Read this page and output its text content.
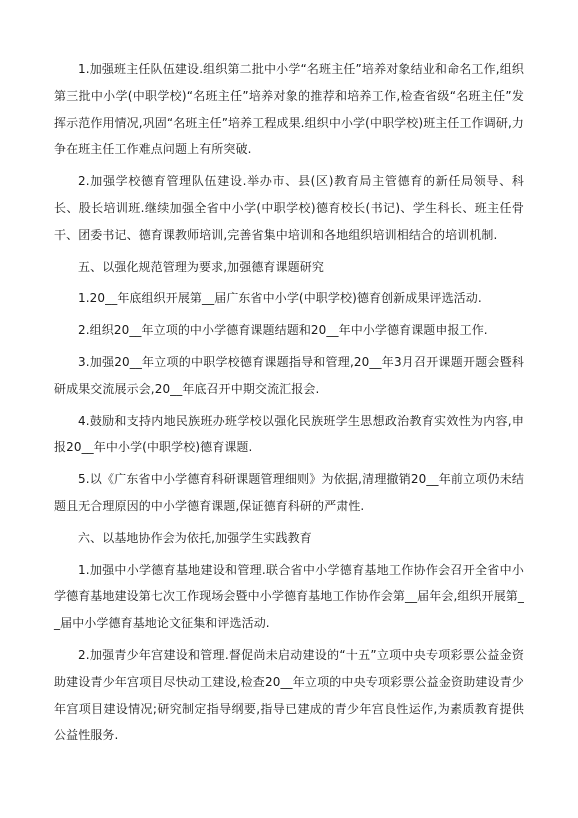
1.加强班主任队伍建设.组织第二批中小学“名班主任”培养对象结业和命名工作,组织第三批中小学(中职学校)“名班主任”培养对象的推荐和培养工作,检查省级“名班主任”发挥示范作用情况,巩固“名班主任”培养工程成果.组织中小学(中职学校)班主任工作调研,力争在班主任工作难点问题上有所突破.

2.加强学校德育管理队伍建设.举办市、县(区)教育局主管德育的新任局领导、科长、股长培训班.继续加强全省中小学(中职学校)德育校长(书记)、学生科长、班主任骨干、团委书记、德育课教师培训,完善省集中培训和各地组织培训相结合的培训机制.

五、以强化规范管理为要求,加强德育课题研究

1.20__年底组织开展第__届广东省中小学(中职学校)德育创新成果评选活动.

2.组织20__年立项的中小学德育课题结题和20__年中小学德育课题申报工作.

3.加强20__年立项的中职学校德育课题指导和管理,20__年3月召开课题开题会暨科研成果交流展示会,20__年底召开中期交流汇报会.

4.鼓励和支持内地民族班办班学校以强化民族班学生思想政治教育实效性为内容,申报20__年中小学(中职学校)德育课题.

5.以《广东省中小学德育科研课题管理细则》为依据,清理撤销20__年前立项仍未结题且无合理原因的中小学德育课题,保证德育科研的严肃性.

六、以基地协作会为依托,加强学生实践教育

1.加强中小学德育基地建设和管理.联合省中小学德育基地工作协作会召开全省中小学德育基地建设第七次工作现场会暨中小学德育基地工作协作会第__届年会,组织开展第__届中小学德育基地论文征集和评选活动.

2.加强青少年宫建设和管理.督促尚未启动建设的“十五”立项中央专项彩票公益金资助建设青少年宫项目尽快动工建设,检查20__年立项的中央专项彩票公益金资助建设青少年宫项目建设情况;研究制定指导纲要,指导已建成的青少年宫良性运作,为素质教育提供公益性服务.
